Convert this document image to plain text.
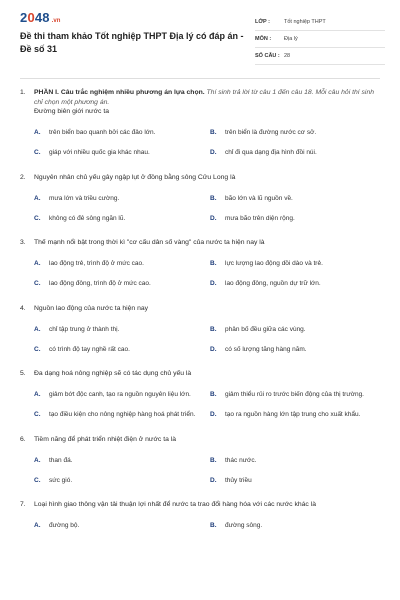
2048 .vn
Đề thi tham khảo Tốt nghiệp THPT Địa lý có đáp án - Đề số 31
LỚP :	Tốt nghiệp THPT
MÔN :	Địa lý
SỐ CÂU : 28
1.	PHẦN I. Câu trắc nghiệm nhiều phương án lựa chọn. Thí sinh trả lời từ câu 1 đến câu 18. Mỗi câu hỏi thí sinh chỉ chọn một phương án.
Đường biên giới nước ta
A.	trên biển bao quanh bởi các đảo lớn.	B.	trên biển là đường nước cơ sở.
C.	giáp với nhiều quốc gia khác nhau.	D.	chỉ đi qua dạng địa hình đồi núi.
2.	Nguyên nhân chủ yếu gây ngập lụt ở đồng bằng sông Cửu Long là
A.	mưa lớn và triều cường.	B.	bão lớn và lũ nguồn về.
C.	không có đê sông ngăn lũ.	D.	mưa bão trên diện rộng.
3.	Thế mạnh nổi bật trong thời kì "cơ cấu dân số vàng" của nước ta hiện nay là
A.	lao động trẻ, trình độ ở mức cao.	B.	lực lượng lao động dồi dào và trẻ.
C.	lao động đông, trình độ ở mức cao.	D.	lao động đông, nguồn dự trữ lớn.
4.	Nguồn lao động của nước ta hiện nay
A.	chỉ tập trung ở thành thị.	B.	phân bố đều giữa các vùng.
C.	có trình độ tay nghề rất cao.	D.	có số lượng tăng hàng năm.
5.	Đa dạng hoá nông nghiệp sẽ có tác dụng chủ yếu là
A.	giảm bớt độc canh, tạo ra nguồn nguyên liệu lớn.	B.	giảm thiểu rủi ro trước biến động của thị trường.
C.	tạo điều kiện cho nông nghiệp hàng hoá phát triển.	D.	tạo ra nguồn hàng lớn tập trung cho xuất khẩu.
6.	Tiềm năng để phát triển nhiệt điện ở nước ta là
A.	than đá.	B.	thác nước.
C.	sức gió.	D.	thủy triều
7.	Loại hình giao thông vận tải thuận lợi nhất để nước ta trao đổi hàng hóa với các nước khác là
A.	đường bộ.	B.	đường sông.
